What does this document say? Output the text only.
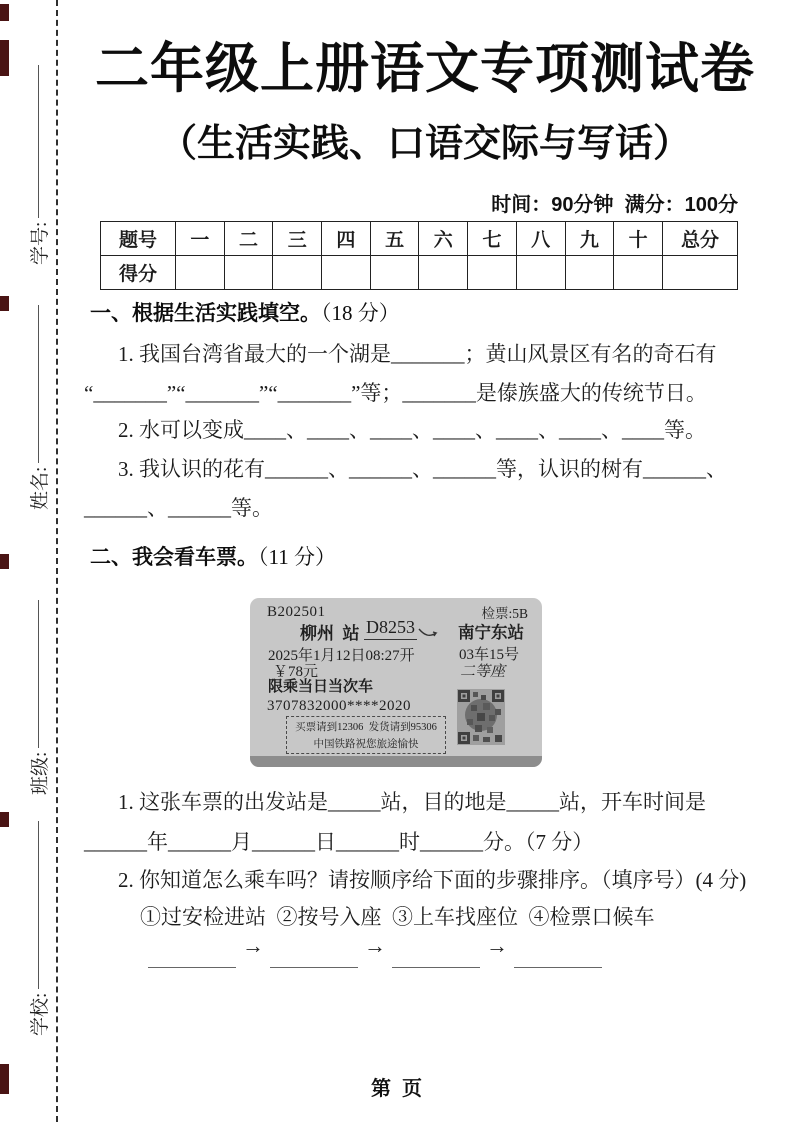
学号:
姓名:
班级:
学校:
二年级上册语文专项测试卷
（生活实践、口语交际与写话）
时间：90分钟  满分：100分
题号	一	二	三	四	五	六	七	八	九	十	总分
得分											
一、根据生活实践填空。（18 分）
1. 我国台湾省最大的一个湖是_______；黄山风景区有名的奇石有
“_______”“_______”“_______”等；_______是傣族盛大的传统节日。
2. 水可以变成____、____、____、____、____、____、____等。
3. 我认识的花有______、______、______等，认识的树有______、
______、______等。
二、我会看车票。（11 分）
B202501	检票:5B
柳州  站 D8253	南宁东站
2025年1月12日08:27开	03车15号
￥78元	二等座
限乘当日当次车
3707832000****2020
买票请到12306  发货请到95306
中国铁路祝您旅途愉快
1. 这张车票的出发站是_____站，目的地是_____站，开车时间是
______年______月______日______时______分。（7 分）
2. 你知道怎么乘车吗？请按顺序给下面的步骤排序。（填序号）(4 分)
①过安检进站  ②按号入座  ③上车找座位  ④检票口候车
→	→	→
第  页
